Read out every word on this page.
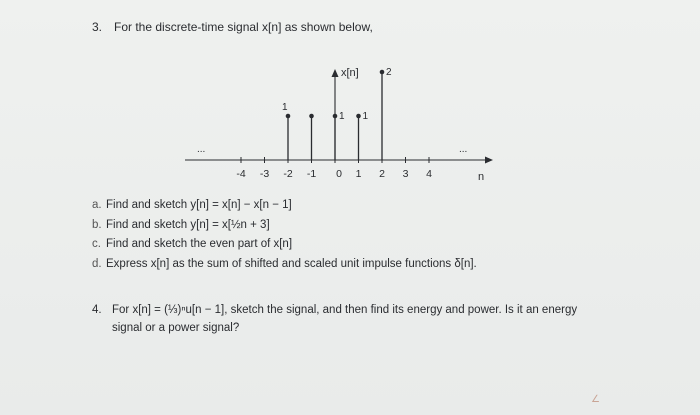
3. For the discrete-time signal x[n] as shown below,
x[n]
n
...	...
-4 -3 -2 -1 0 1 2 3 4
1
1 1
2
a. Find and sketch y[n] = x[n] − x[n − 1]
b. Find and sketch y[n] = x[½n + 3]
c. Find and sketch the even part of x[n]
d. Express x[n] as the sum of shifted and scaled unit impulse functions δ[n].
4. For x[n] = (⅓)ⁿu[n − 1], sketch the signal, and then find its energy and power. Is it an energy
signal or a power signal?
∠
